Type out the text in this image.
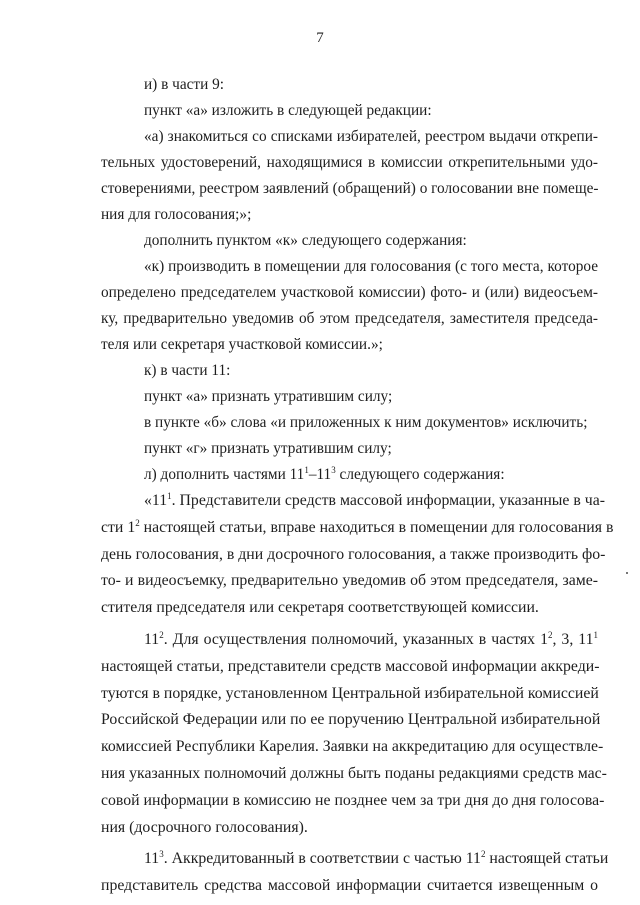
7
и) в части 9:
пункт «а» изложить в следующей редакции:
«а) знакомиться со списками избирателей, реестром выдачи открепи-
тельных удостоверений, находящимися в комиссии открепительными удо-
стоверениями, реестром заявлений (обращений) о голосовании вне помеще-
ния для голосования;»;
дополнить пунктом «к» следующего содержания:
«к) производить в помещении для голосования (с того места, которое
определено председателем участковой комиссии) фото- и (или) видеосъем-
ку, предварительно уведомив об этом председателя, заместителя председа-
теля или секретаря участковой комиссии.»;
к) в части 11:
пункт «а» признать утратившим силу;
в пункте «б» слова «и приложенных к ним документов» исключить;
пункт «г» признать утратившим силу;
л) дополнить частями $11^1-11^3$ следующего содержания:
«$11^1$. Представители средств массовой информации, указанные в ча-
сти $1^2$ настоящей статьи, вправе находиться в помещении для голосования в
день голосования, в дни досрочного голосования, а также производить фо-
то- и видеосъемку, предварительно уведомив об этом председателя, заме-
стителя председателя или секретаря соответствующей комиссии.
$11^2$. Для осуществления полномочий, указанных в частях $1^2$, 3, $11^1$
настоящей статьи, представители средств массовой информации аккреди-
туются в порядке, установленном Центральной избирательной комиссией
Российской Федерации или по ее поручению Центральной избирательной
комиссией Республики Карелия. Заявки на аккредитацию для осуществле-
ния указанных полномочий должны быть поданы редакциями средств мас-
совой информации в комиссию не позднее чем за три дня до дня голосова-
ния (досрочного голосования).
$11^3$. Аккредитованный в соответствии с частью $11^2$ настоящей статьи
представитель средства массовой информации считается извещенным о
